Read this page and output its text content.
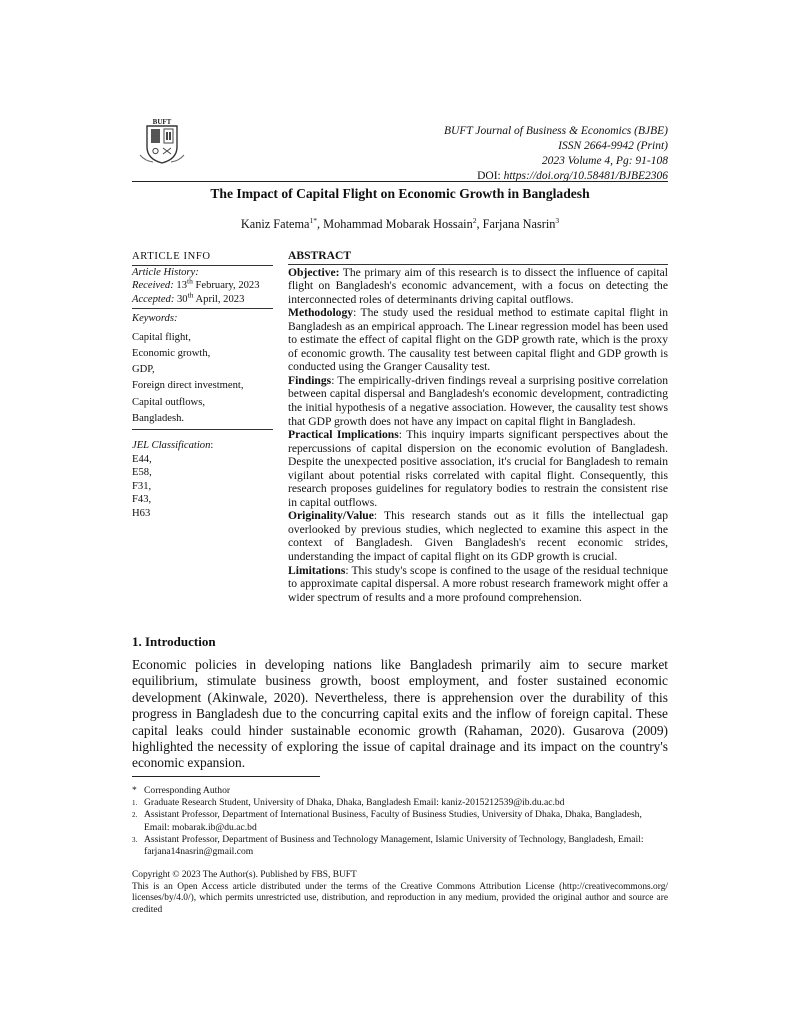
BUFT
BUFT Journal of Business & Economics (BJBE)
ISSN 2664-9942 (Print)
2023 Volume 4, Pg: 91-108
DOI: https://doi.org/10.58481/BJBE2306
The Impact of Capital Flight on Economic Growth in Bangladesh
Kaniz Fatema$^{1*}$, Mohammad Mobarak Hossain$^2$, Farjana Nasrin$^3$
ARTICLE INFO
Article History:
Received: 13th February, 2023
Accepted: 30th April, 2023
Keywords:
Capital flight,
Economic growth,
GDP,
Foreign direct investment,
Capital outflows,
Bangladesh.
JEL Classification:
E44,
E58,
F31,
F43,
H63
ABSTRACT

Objective: The primary aim of this research is to dissect the influence of capital flight on Bangladesh's economic advancement, with a focus on detecting the interconnected roles of determinants driving capital outflows.

Methodology: The study used the residual method to estimate capital flight in Bangladesh as an empirical approach. The Linear regression model has been used to estimate the effect of capital flight on the GDP growth rate, which is the proxy of economic growth. The causality test between capital flight and GDP growth is conducted using the Granger Causality test.

Findings: The empirically-driven findings reveal a surprising positive correlation between capital dispersal and Bangladesh's economic development, contradicting the initial hypothesis of a negative association. However, the causality test shows that GDP growth does not have any impact on capital flight in Bangladesh.

Practical Implications: This inquiry imparts significant perspectives about the repercussions of capital dispersion on the economic evolution of Bangladesh. Despite the unexpected positive association, it's crucial for Bangladesh to remain vigilant about potential risks correlated with capital flight. Consequently, this research proposes guidelines for regulatory bodies to restrain the consistent rise in capital outflows.

Originality/Value: This research stands out as it fills the intellectual gap overlooked by previous studies, which neglected to examine this aspect in the context of Bangladesh. Given Bangladesh's recent economic strides, understanding the impact of capital flight on its GDP growth is crucial.

Limitations: This study's scope is confined to the usage of the residual technique to approximate capital dispersal. A more robust research framework might offer a wider spectrum of results and a more profound comprehension.

1. Introduction
Economic policies in developing nations like Bangladesh primarily aim to secure market equilibrium, stimulate business growth, boost employment, and foster sustained economic development (Akinwale, 2020). Nevertheless, there is apprehension over the durability of this progress in Bangladesh due to the concurring capital exits and the inflow of foreign capital. These capital leaks could hinder sustainable economic growth (Rahaman, 2020). Gusarova (2009) highlighted the necessity of exploring the issue of capital drainage and its impact on the country's economic expansion.
* Corresponding Author
1. Graduate Research Student, University of Dhaka, Dhaka, Bangladesh Email: kaniz-2015212539@ib.du.ac.bd
2. Assistant Professor, Department of International Business, Faculty of Business Studies, University of Dhaka, Dhaka, Bangladesh, Email: mobarak.ib@du.ac.bd
3. Assistant Professor, Department of Business and Technology Management, Islamic University of Technology, Bangladesh, Email: farjana14nasrin@gmail.com
Copyright © 2023 The Author(s). Published by FBS, BUFT
This is an Open Access article distributed under the terms of the Creative Commons Attribution License (http://creativecommons.org/ licenses/by/4.0/), which permits unrestricted use, distribution, and reproduction in any medium, provided the original author and source are credited
